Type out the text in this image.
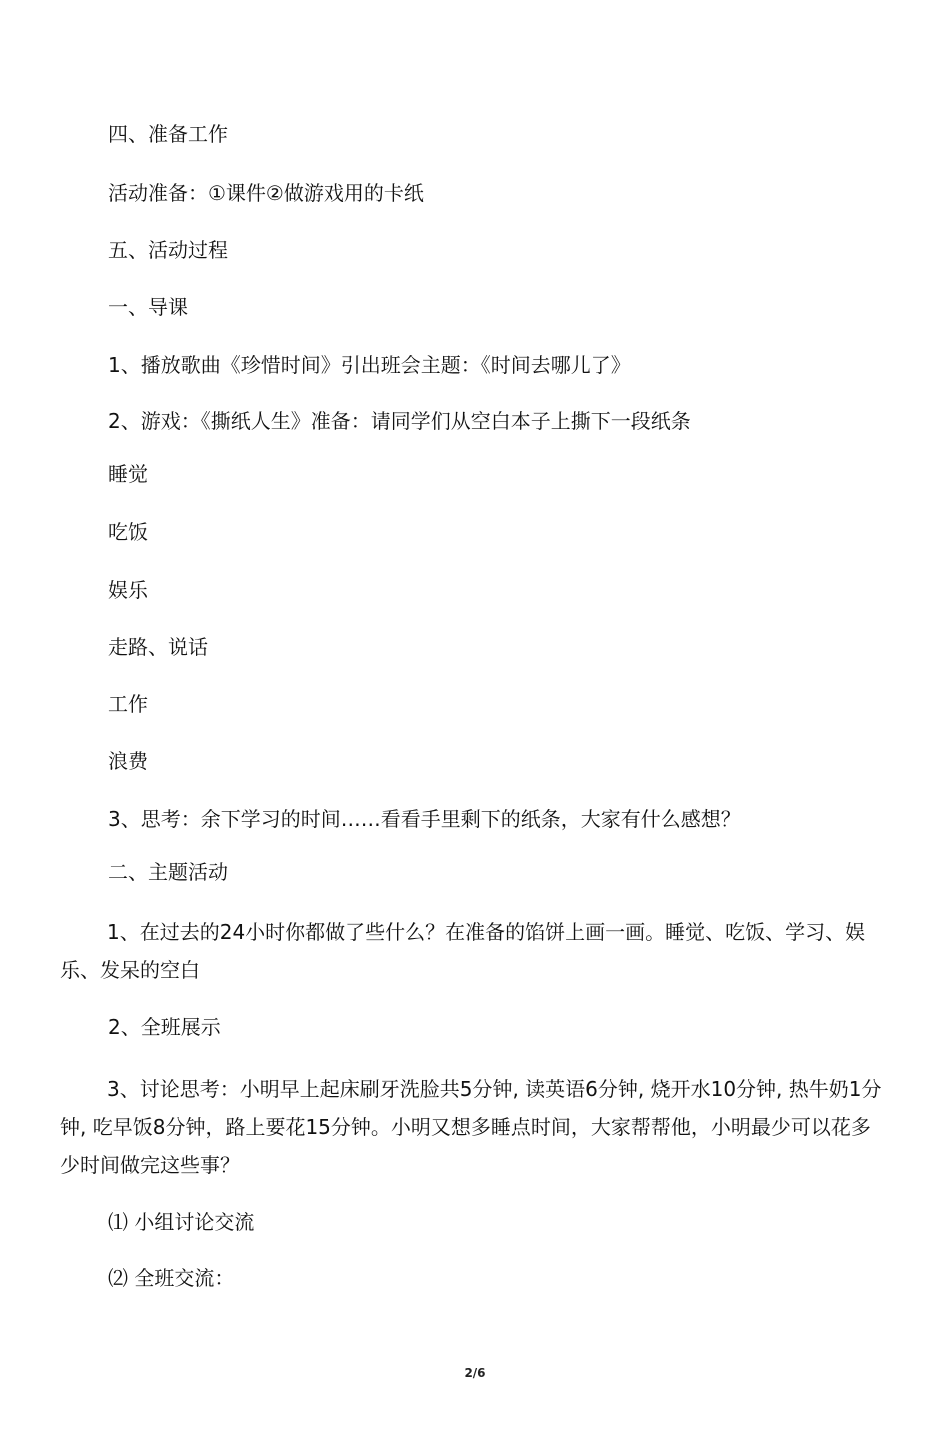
四、准备工作
活动准备：①课件②做游戏用的卡纸
五、活动过程
一、导课
1、播放歌曲《珍惜时间》引出班会主题：《时间去哪儿了》
2、游戏：《撕纸人生》准备：请同学们从空白本子上撕下一段纸条
睡觉
吃饭
娱乐
走路、说话
工作
浪费
3、思考：余下学习的时间……看看手里剩下的纸条，大家有什么感想？
二、主题活动
1、在过去的24小时你都做了些什么？在准备的馅饼上画一画。睡觉、吃饭、学习、娱乐、发呆的空白
2、全班展示
3、讨论思考：小明早上起床刷牙洗脸共5分钟, 读英语6分钟, 烧开水10分钟, 热牛奶1分钟, 吃早饭8分钟，路上要花15分钟。小明又想多睡点时间，大家帮帮他，小明最少可以花多少时间做完这些事？
⑴ 小组讨论交流
⑵ 全班交流：
2/6
